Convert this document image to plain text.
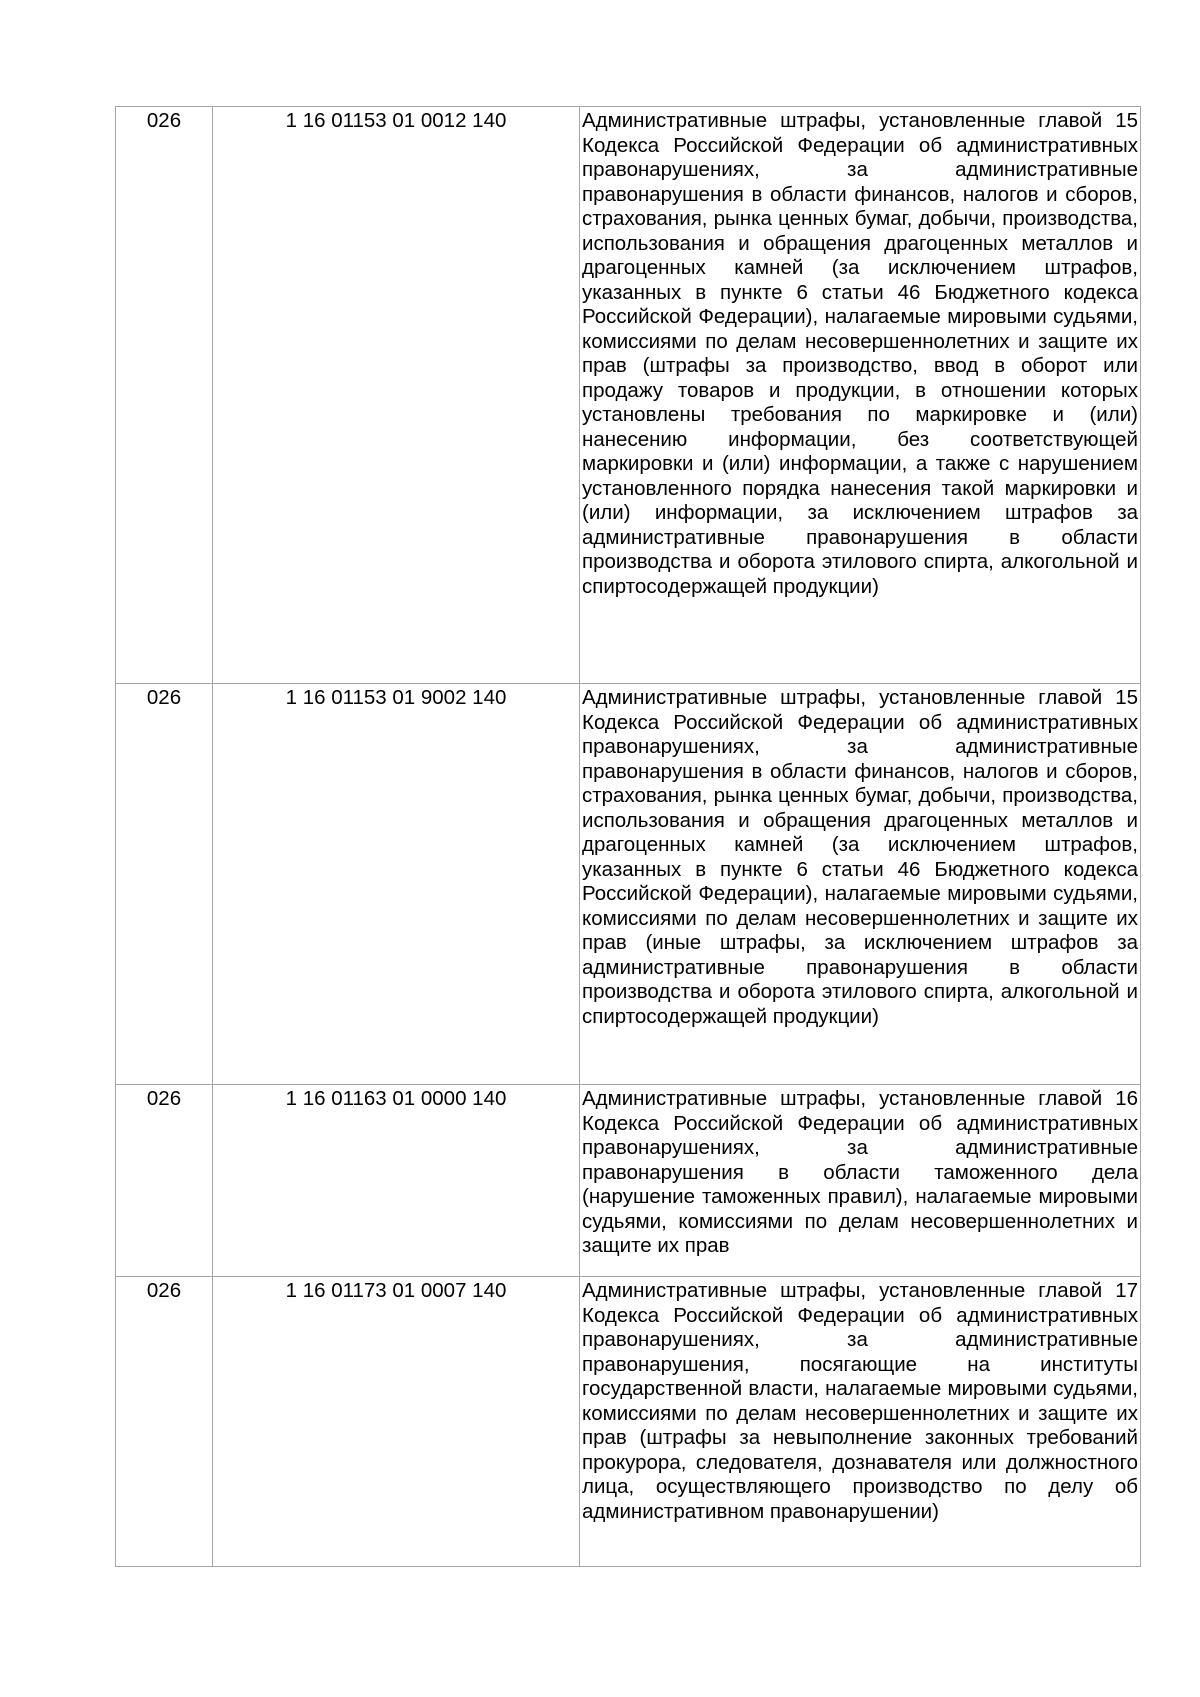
026	1 16 01153 01 0012 140	Административные штрафы, установленные главой 15 Кодекса Российской Федерации об административных правонарушениях, за административные правонарушения в области финансов, налогов и сборов, страхования, рынка ценных бумаг, добычи, производства, использования и обращения драгоценных металлов и драгоценных камней (за исключением штрафов, указанных в пункте 6 статьи 46 Бюджетного кодекса Российской Федерации), налагаемые мировыми судьями, комиссиями по делам несовершеннолетних и защите их прав (штрафы за производство, ввод в оборот или продажу товаров и продукции, в отношении которых установлены требования по маркировке и (или) нанесению информации, без соответствующей маркировки и (или) информации, а также с нарушением установленного порядка нанесения такой маркировки и (или) информации, за исключением штрафов за административные правонарушения в области производства и оборота этилового спирта, алкогольной и спиртосодержащей продукции)
026	1 16 01153 01 9002 140	Административные штрафы, установленные главой 15 Кодекса Российской Федерации об административных правонарушениях, за административные правонарушения в области финансов, налогов и сборов, страхования, рынка ценных бумаг, добычи, производства, использования и обращения драгоценных металлов и драгоценных камней (за исключением штрафов, указанных в пункте 6 статьи 46 Бюджетного кодекса Российской Федерации), налагаемые мировыми судьями, комиссиями по делам несовершеннолетних и защите их прав (иные штрафы, за исключением штрафов за административные правонарушения в области производства и оборота этилового спирта, алкогольной и спиртосодержащей продукции)
026	1 16 01163 01 0000 140	Административные штрафы, установленные главой 16 Кодекса Российской Федерации об административных правонарушениях, за административные правонарушения в области таможенного дела (нарушение таможенных правил), налагаемые мировыми судьями, комиссиями по делам несовершеннолетних и защите их прав
026	1 16 01173 01 0007 140	Административные штрафы, установленные главой 17 Кодекса Российской Федерации об административных правонарушениях, за административные правонарушения, посягающие на институты государственной власти, налагаемые мировыми судьями, комиссиями по делам несовершеннолетних и защите их прав (штрафы за невыполнение законных требований прокурора, следователя, дознавателя или должностного лица, осуществляющего производство по делу об административном правонарушении)
